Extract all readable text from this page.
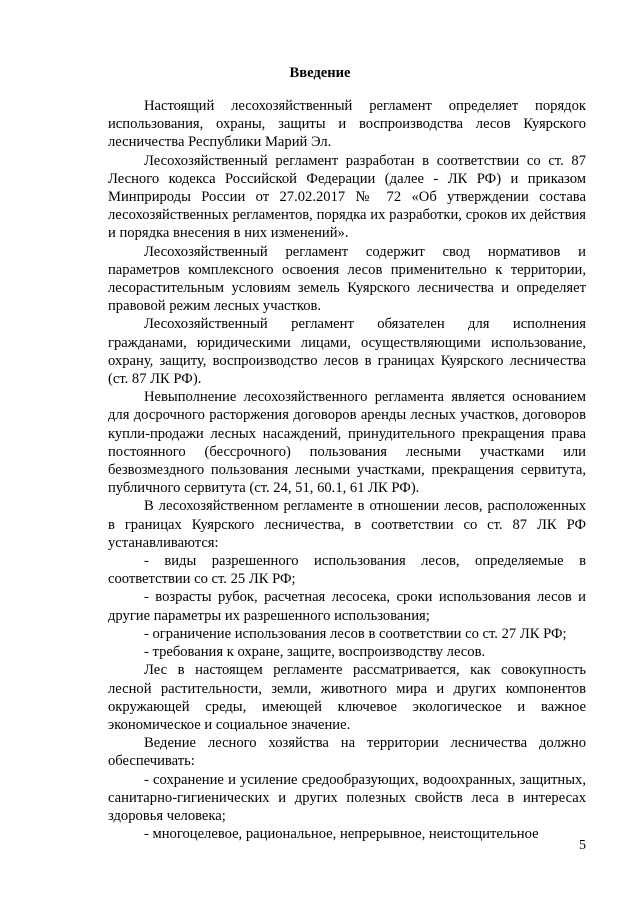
Введение

Настоящий лесохозяйственный регламент определяет порядок использования, охраны, защиты и воспроизводства лесов Куярского лесничества Республики Марий Эл.

Лесохозяйственный регламент разработан в соответствии со ст. 87 Лесного кодекса Российской Федерации (далее - ЛК РФ) и приказом Минприроды России от 27.02.2017 № 72 «Об утверждении состава лесохозяйственных регламентов, порядка их разработки, сроков их действия и порядка внесения в них изменений».

Лесохозяйственный регламент содержит свод нормативов и параметров комплексного освоения лесов применительно к территории, лесорастительным условиям земель Куярского лесничества и определяет правовой режим лесных участков.

Лесохозяйственный регламент обязателен для исполнения гражданами, юридическими лицами, осуществляющими использование, охрану, защиту, воспроизводство лесов в границах Куярского лесничества (ст. 87 ЛК РФ).

Невыполнение лесохозяйственного регламента является основанием для досрочного расторжения договоров аренды лесных участков, договоров купли-продажи лесных насаждений, принудительного прекращения права постоянного (бессрочного) пользования лесными участками или безвозмездного пользования лесными участками, прекращения сервитута, публичного сервитута (ст. 24, 51, 60.1, 61 ЛК РФ).

В лесохозяйственном регламенте в отношении лесов, расположенных в границах Куярского лесничества, в соответствии со ст. 87 ЛК РФ устанавливаются:

- виды разрешенного использования лесов, определяемые в соответствии со ст. 25 ЛК РФ;

- возрасты рубок, расчетная лесосека, сроки использования лесов и другие параметры их разрешенного использования;

- ограничение использования лесов в соответствии со ст. 27 ЛК РФ;

- требования к охране, защите, воспроизводству лесов.

Лес в настоящем регламенте рассматривается, как совокупность лесной растительности, земли, животного мира и других компонентов окружающей среды, имеющей ключевое экологическое и важное экономическое и социальное значение.

Ведение лесного хозяйства на территории лесничества должно обеспечивать:

- сохранение и усиление средообразующих, водоохранных, защитных, санитарно-гигиенических и других полезных свойств леса в интересах здоровья человека;

- многоцелевое, рациональное, непрерывное, неистощительное

5
